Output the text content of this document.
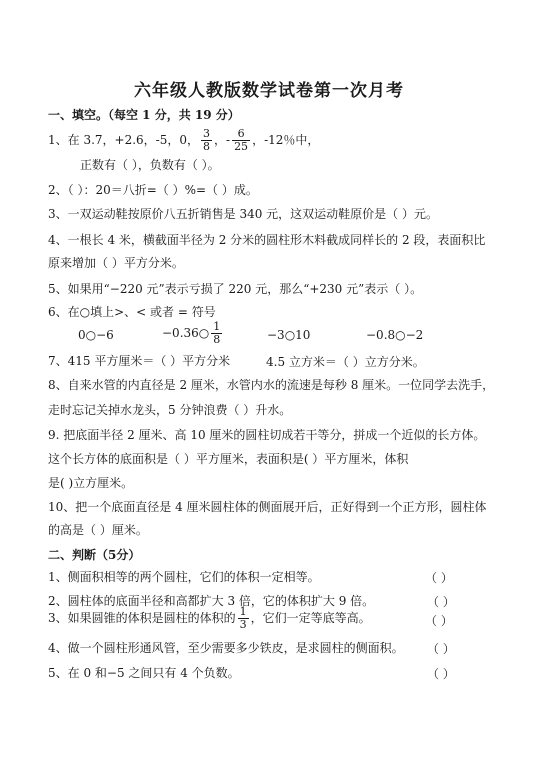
六年级人教版数学试卷第一次月考
一、填空。（每空 1 分，共 19 分）
1、在 3.7，+2.6，-5，0， $\frac{3}{8}$ ，- $\frac{6}{25}$ ，-12％中，
正数有（ ），负数有（ ）。
2、（ ）：20＝八折=（ ）%=（ ）成。
3、一双运动鞋按原价八五折销售是 340 元，这双运动鞋原价是（ ）元。
4、一根长 4 米，横截面半径为 2 分米的圆柱形木料截成同样长的 2 段，表面积比
原来增加（ ）平方分米。
5、如果用“−220 元”表示亏损了 220 元，那么“+230 元”表示（ ）。
6、在○填上>、< 或者 = 符号
0○−6	−0.36○ $\frac{1}{8}$	−3○10	−0.8○−2
7、415 平方厘米＝（ ）平方分米	4.5 立方米＝（ ）立方分米。
8、自来水管的内直径是 2 厘米，水管内水的流速是每秒 8 厘米。一位同学去洗手，
走时忘记关掉水龙头，5 分钟浪费（ ）升水。
9. 把底面半径 2 厘米、高 10 厘米的圆柱切成若干等分，拼成一个近似的长方体。
这个长方体的底面积是（ ）平方厘米，表面积是( ）平方厘米，体积
是( )立方厘米。
10、把一个底面直径是 4 厘米圆柱体的侧面展开后，正好得到一个正方形，圆柱体
的高是（ ）厘米。
二、判断（5分）
1、侧面积相等的两个圆柱，它们的体积一定相等。	（ ）
2、圆柱体的底面半径和高都扩大 3 倍，它的体积扩大 9 倍。	（ ）
3、如果圆锥的体积是圆柱的体积的 $\frac{1}{3}$ ，它们一定等底等高。	（ ）
4、做一个圆柱形通风管，至少需要多少铁皮，是求圆柱的侧面积。 （ ）
5、在 0 和−5 之间只有 4 个负数。	（ ）
